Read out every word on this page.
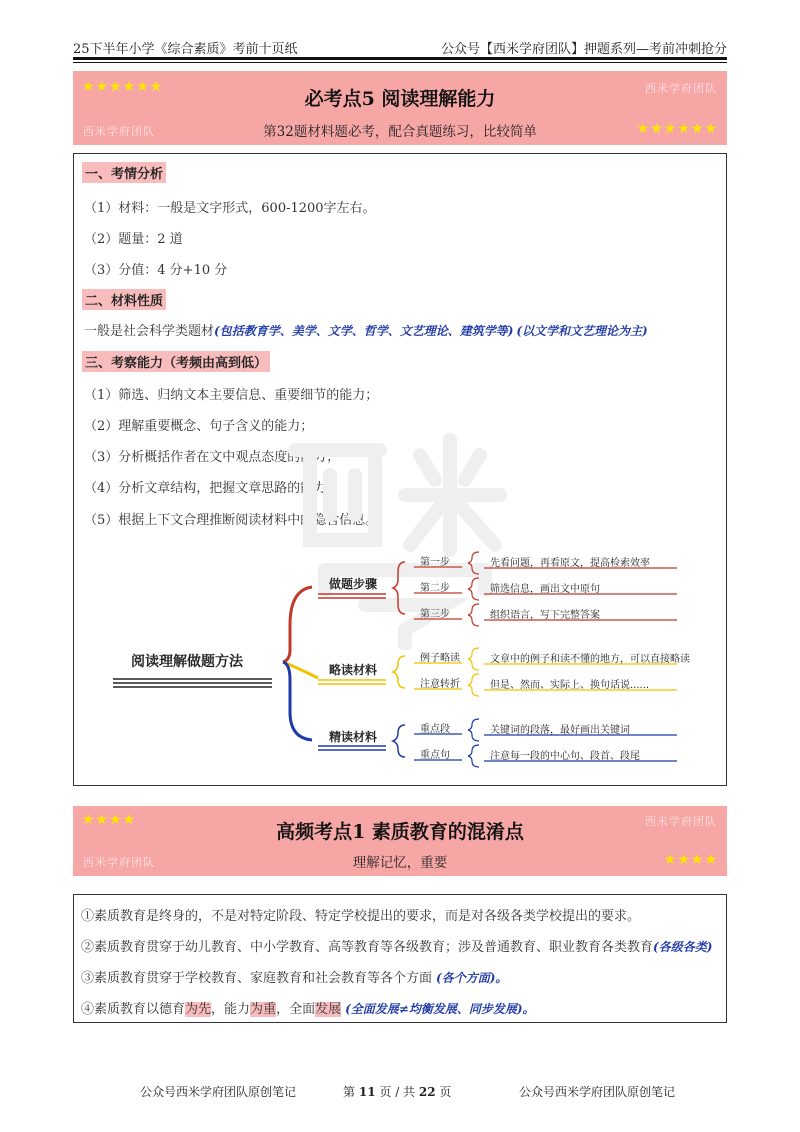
25下半年小学《综合素质》考前十页纸	公众号【西米学府团队】押题系列—考前冲刺抢分
★★★★★★	西米学府团队
必考点5 阅读理解能力
西米学府团队	第32题材料题必考，配合真题练习，比较简单	★★★★★★
一、考情分析
（1）材料：一般是文字形式，600-1200字左右。
（2）题量：2 道
（3）分值：4 分+10 分
二、材料性质
一般是社会科学类题材(包括教育学、美学、文学、哲学、文艺理论、建筑学等) (以文学和文艺理论为主)
三、考察能力（考频由高到低）
（1）筛选、归纳文本主要信息、重要细节的能力；
（2）理解重要概念、句子含义的能力；
（3）分析概括作者在文中观点态度的能力；
（4）分析文章结构，把握文章思路的能力。
（5）根据上下文合理推断阅读材料中的隐含信息。
阅读理解做题方法
做题步骤
第一步
第二步
第三步
先看问题，再看原文，提高检索效率
筛选信息，画出文中原句
组织语言，写下完整答案
略读材料
例子略读
注意转折
文章中的例子和读不懂的地方，可以直接略读
但是、然而、实际上、换句话说......
精读材料
重点段
重点句
关键词的段落，最好画出关键词
注意每一段的中心句、段首、段尾
★★★★	西米学府团队
高频考点1 素质教育的混淆点
西米学府团队	理解记忆，重要	★★★★
①素质教育是终身的，不是对特定阶段、特定学校提出的要求，而是对各级各类学校提出的要求。
②素质教育贯穿于幼儿教育、中小学教育、高等教育等各级教育；涉及普通教育、职业教育各类教育(各级各类)
③素质教育贯穿于学校教育、家庭教育和社会教育等各个方面 (各个方面)。
④素质教育以德育为先，能力为重，全面发展 (全面发展≠均衡发展、同步发展)。
公众号西米学府团队原创笔记	第 11 页 / 共 22 页	公众号西米学府团队原创笔记
